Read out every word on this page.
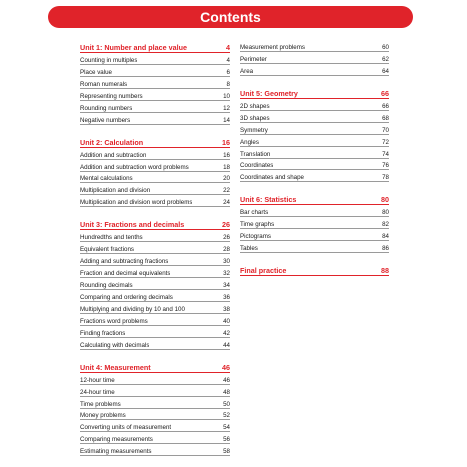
Contents
Unit 1: Number and place value	4
Counting in multiples	4
Place value	6
Roman numerals	8
Representing numbers	10
Rounding numbers	12
Negative numbers	14
Unit 2: Calculation	16
Addition and subtraction	16
Addition and subtraction word problems	18
Mental calculations	20
Multiplication and division	22
Multiplication and division word problems	24
Unit 3: Fractions and decimals	26
Hundredths and tenths	26
Equivalent fractions	28
Adding and subtracting fractions	30
Fraction and decimal equivalents	32
Rounding decimals	34
Comparing and ordering decimals	36
Multiplying and dividing by 10 and 100	38
Fractions word problems	40
Finding fractions	42
Calculating with decimals	44
Unit 4: Measurement	46
12-hour time	46
24-hour time	48
Time problems	50
Money problems	52
Converting units of measurement	54
Comparing measurements	56
Estimating measurements	58
Measurement problems	60
Perimeter	62
Area	64
Unit 5: Geometry	66
2D shapes	66
3D shapes	68
Symmetry	70
Angles	72
Translation	74
Coordinates	76
Coordinates and shape	78
Unit 6: Statistics	80
Bar charts	80
Time graphs	82
Pictograms	84
Tables	86
Final practice	88
